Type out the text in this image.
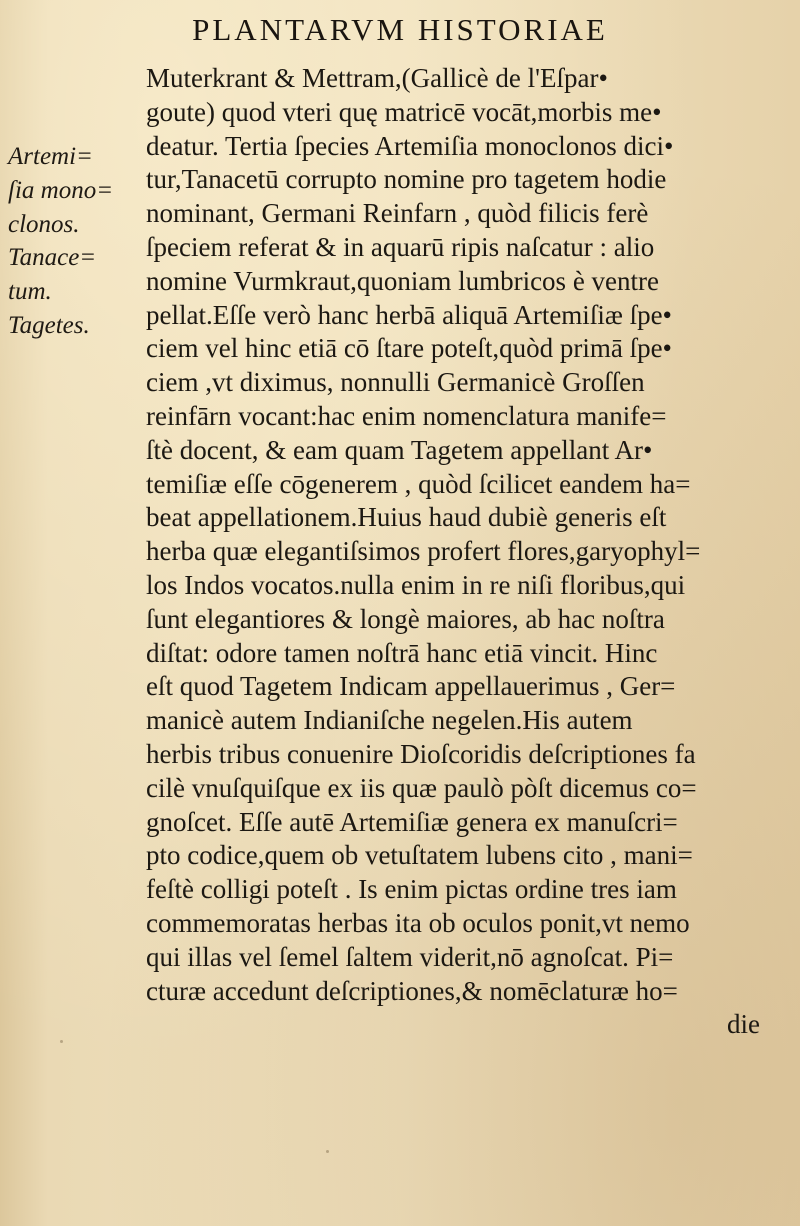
PLANTARVM HISTORIAE
Artemi=
ſia mono=
clonos.
Tanace=
tum.
Tagetes.
Muterkrant & Mettram,(Gallicè de l'Eſpar•
goute) quod vteri quę matricē vocāt,morbis me•
deatur. Tertia ſpecies Artemiſia monoclonos dici•
tur,Tanacetū corrupto nomine pro tagetem hodie
nominant, Germani Reinfarn , quòd filicis ferè
ſpeciem referat & in aquarū ripis naſcatur : alio
nomine Vurmkraut,quoniam lumbricos è ventre
pellat.Eſſe verò hanc herbā aliquā Artemiſiæ ſpe•
ciem vel hinc etiā cō ſtare poteſt,quòd primā ſpe•
ciem ,vt diximus, nonnulli Germanicè Groſſen
reinfārn vocant:hac enim nomenclatura manife=
ſtè docent, & eam quam Tagetem appellant Ar•
temiſiæ eſſe cōgenerem , quòd ſcilicet eandem ha=
beat appellationem.Huius haud dubiè generis eſt
herba quæ elegantiſsimos profert flores,garyophyl=
los Indos vocatos.nulla enim in re niſi floribus,qui
ſunt elegantiores & longè maiores, ab hac noſtra
diſtat: odore tamen noſtrā hanc etiā vincit. Hinc
eſt quod Tagetem Indicam appellauerimus , Ger=
manicè autem Indianiſche negelen.His autem
herbis tribus conuenire Dioſcoridis deſcriptiones fa
cilè vnuſquiſque ex iis quæ paulò pòſt dicemus co=
gnoſcet. Eſſe autē Artemiſiæ genera ex manuſcri=
pto codice,quem ob vetuſtatem lubens cito , mani=
feſtè colligi poteſt . Is enim pictas ordine tres iam
commemoratas herbas ita ob oculos ponit,vt nemo
qui illas vel ſemel ſaltem viderit,nō agnoſcat. Pi=
cturæ accedunt deſcriptiones,& nomēclaturæ ho=
die
